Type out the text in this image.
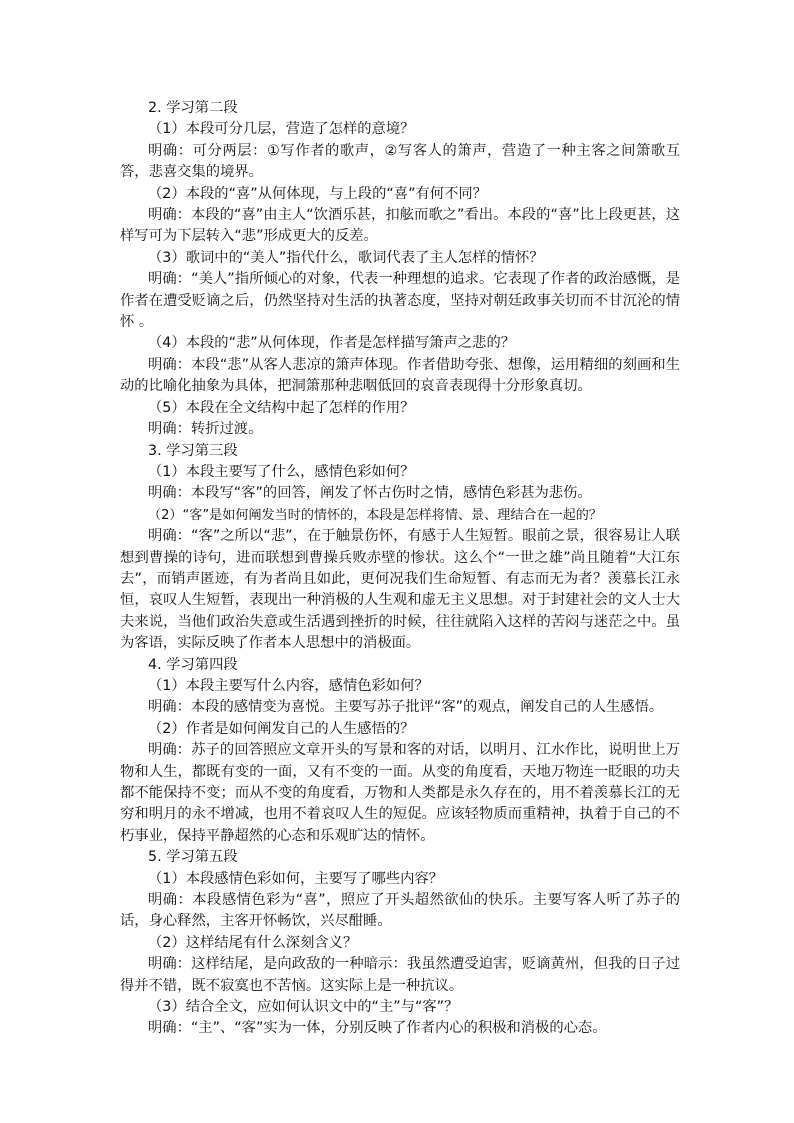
2. 学习第二段

（1）本段可分几层，营造了怎样的意境？

明确：可分两层：①写作者的歌声，②写客人的箫声，营造了一种主客之间箫歌互答，悲喜交集的境界。

（2）本段的“喜”从何体现，与上段的“喜”有何不同？

明确：本段的“喜”由主人“饮酒乐甚，扣舷而歌之”看出。本段的“喜”比上段更甚，这样写可为下层转入“悲”形成更大的反差。

（3）歌词中的“美人”指代什么，歌词代表了主人怎样的情怀？

明确：“美人”指所倾心的对象，代表一种理想的追求。它表现了作者的政治感慨，是作者在遭受贬谪之后，仍然坚持对生活的执著态度，坚持对朝廷政事关切而不甘沉沦的情怀 。

（4）本段的“悲”从何体现，作者是怎样描写箫声之悲的？

明确：本段“悲”从客人悲凉的箫声体现。作者借助夸张、想像，运用精细的刻画和生动的比喻化抽象为具体，把洞箫那种悲咽低回的哀音表现得十分形象真切。

（5）本段在全文结构中起了怎样的作用？

明确：转折过渡。

3. 学习第三段

（1）本段主要写了什么，感情色彩如何？

明确：本段写“客”的回答，阐发了怀古伤时之情，感情色彩甚为悲伤。

（2）“客”是如何阐发当时的情怀的，本段是怎样将情、景、理结合在一起的？

明确：“客”之所以“悲”，在于触景伤怀，有感于人生短暂。眼前之景，很容易让人联想到曹操的诗句，进而联想到曹操兵败赤壁的惨状。这么个“一世之雄”尚且随着“大江东去”，而销声匿迹，有为者尚且如此，更何况我们生命短暂、有志而无为者？羡慕长江永恒，哀叹人生短暂，表现出一种消极的人生观和虚无主义思想。对于封建社会的文人士大夫来说，当他们政治失意或生活遇到挫折的时候，往往就陷入这样的苦闷与迷茫之中。虽为客语，实际反映了作者本人思想中的消极面。

4. 学习第四段

（1）本段主要写什么内容，感情色彩如何？

明确：本段的感情变为喜悦。主要写苏子批评“客”的观点，阐发自己的人生感悟。

（2）作者是如何阐发自己的人生感悟的？

明确：苏子的回答照应文章开头的写景和客的对话，以明月、江水作比，说明世上万物和人生，都既有变的一面，又有不变的一面。从变的角度看，天地万物连一眨眼的功夫都不能保持不变；而从不变的角度看，万物和人类都是永久存在的，用不着羡慕长江的无穷和明月的永不增减，也用不着哀叹人生的短促。应该轻物质而重精神，执着于自己的不朽事业，保持平静超然的心态和乐观旷达的情怀。

5. 学习第五段

（1）本段感情色彩如何，主要写了哪些内容？

明确：本段感情色彩为“喜”，照应了开头超然欲仙的快乐。主要写客人听了苏子的话，身心释然，主客开怀畅饮，兴尽酣睡。

（2）这样结尾有什么深刻含义？

明确：这样结尾，是向政敌的一种暗示：我虽然遭受迫害，贬谪黄州，但我的日子过得并不错，既不寂寞也不苦恼。这实际上是一种抗议。

（3）结合全文，应如何认识文中的“主”与“客”？

明确：“主”、“客”实为一体，分别反映了作者内心的积极和消极的心态。
